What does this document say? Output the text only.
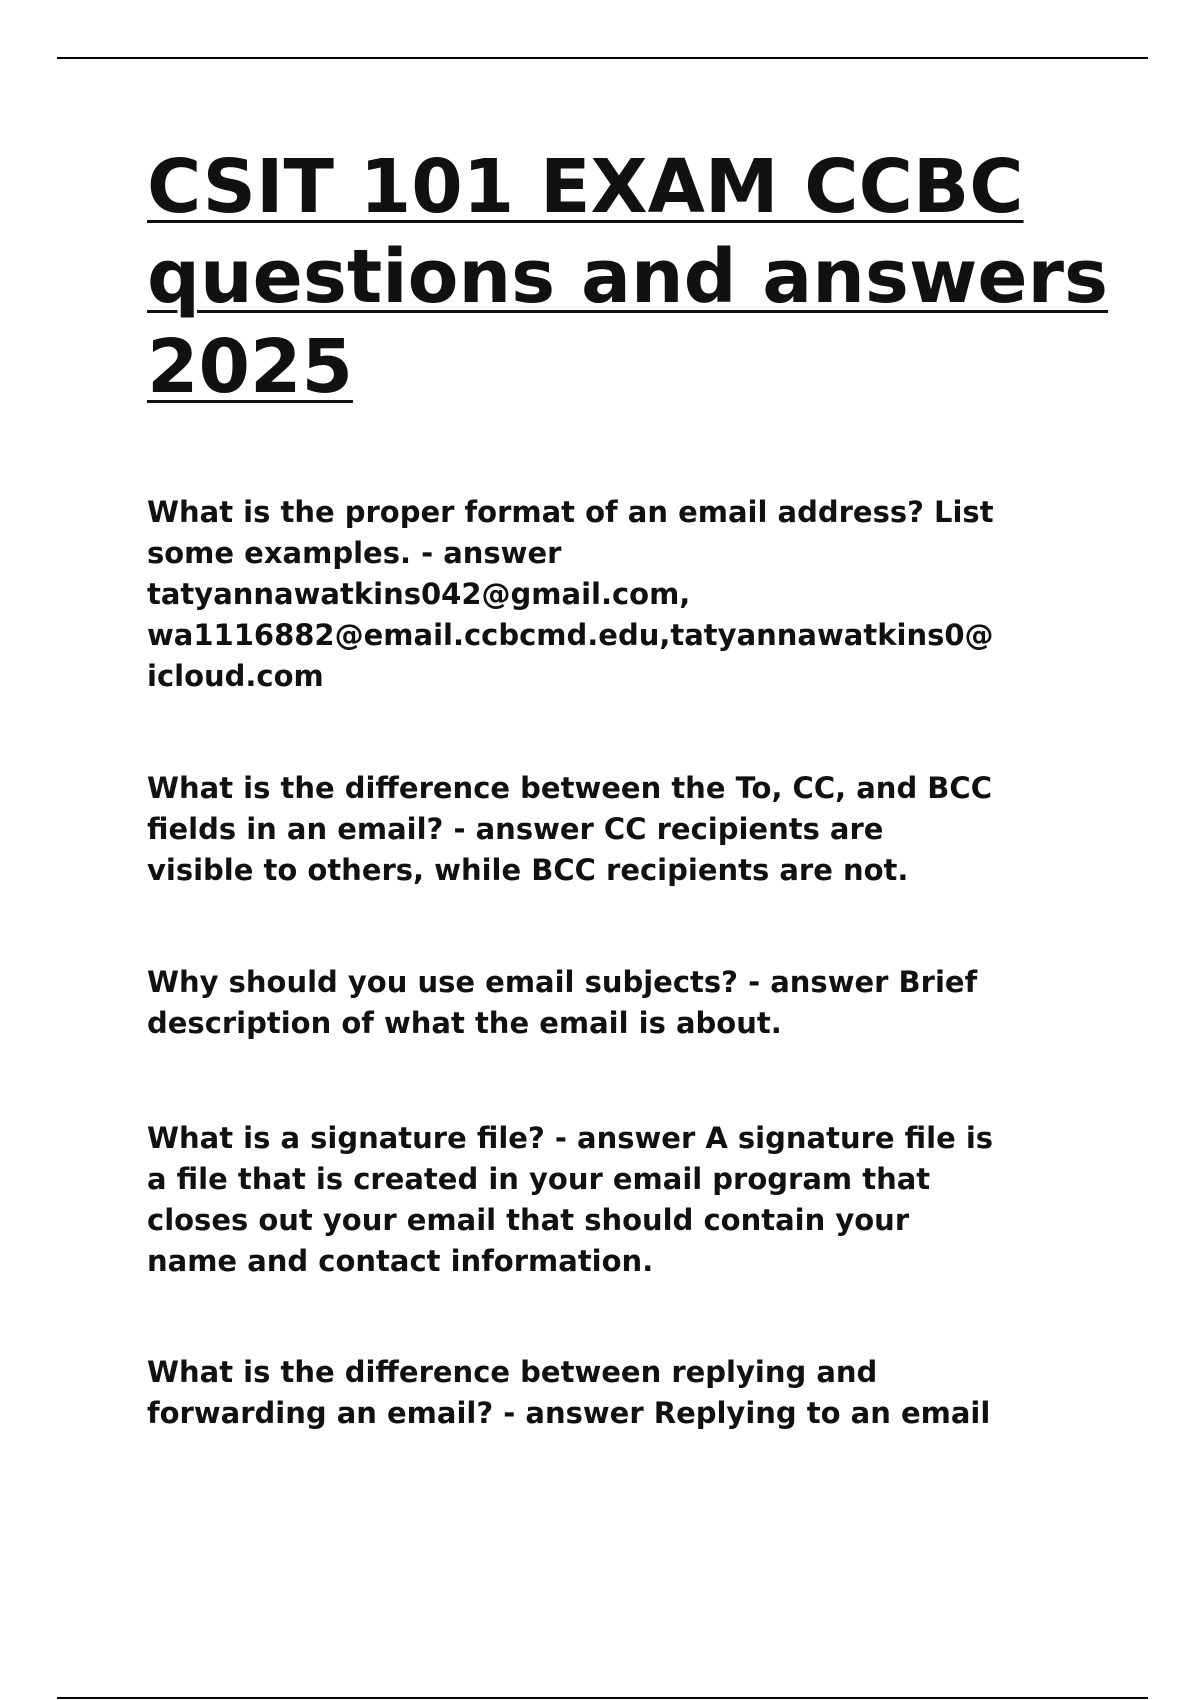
CSIT 101 EXAM CCBC
questions and answers
2025

What is the proper format of an email address? List
some examples. - answer
tatyannawatkins042@gmail.com,
wa1116882@email.ccbcmd.edu,tatyannawatkins0@
icloud.com

What is the difference between the To, CC, and BCC
fields in an email? - answer CC recipients are
visible to others, while BCC recipients are not.

Why should you use email subjects? - answer Brief
description of what the email is about.

What is a signature file? - answer A signature file is
a file that is created in your email program that
closes out your email that should contain your
name and contact information.

What is the difference between replying and
forwarding an email? - answer Replying to an email
